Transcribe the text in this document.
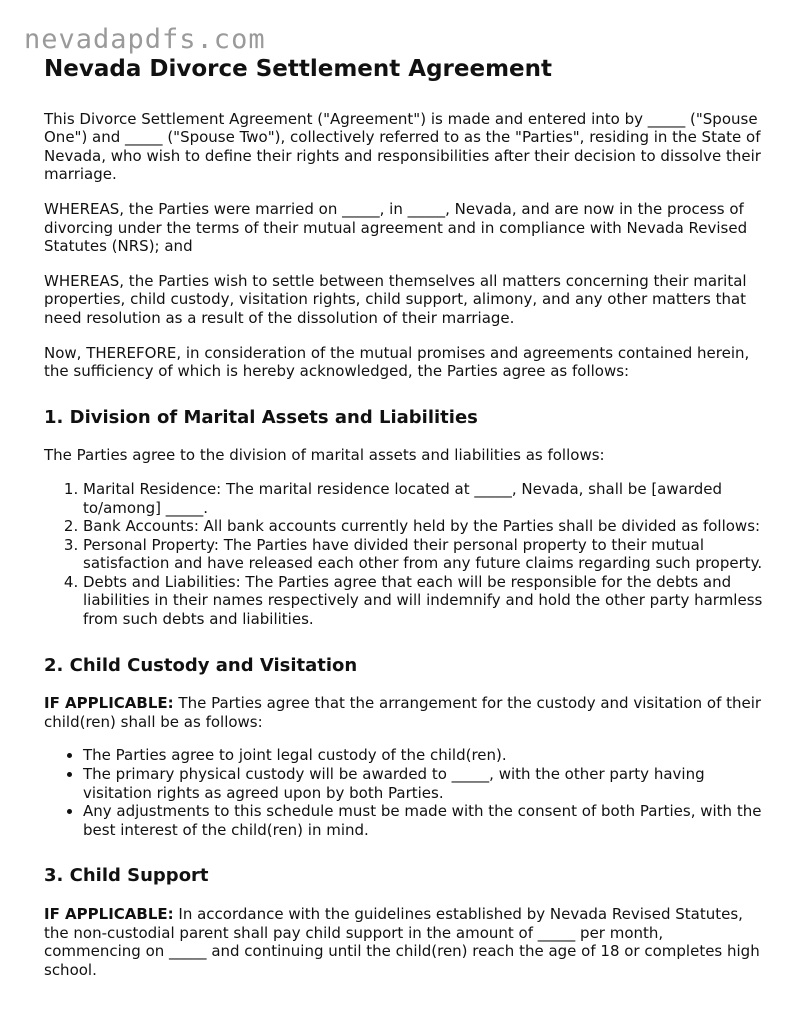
nevadapdfs.com
Nevada Divorce Settlement Agreement

This Divorce Settlement Agreement ("Agreement") is made and entered into by _____ ("Spouse One") and _____ ("Spouse Two"), collectively referred to as the "Parties", residing in the State of Nevada, who wish to define their rights and responsibilities after their decision to dissolve their marriage.

WHEREAS, the Parties were married on _____, in _____, Nevada, and are now in the process of divorcing under the terms of their mutual agreement and in compliance with Nevada Revised Statutes (NRS); and

WHEREAS, the Parties wish to settle between themselves all matters concerning their marital properties, child custody, visitation rights, child support, alimony, and any other matters that need resolution as a result of the dissolution of their marriage.

Now, THEREFORE, in consideration of the mutual promises and agreements contained herein, the sufficiency of which is hereby acknowledged, the Parties agree as follows:

1. Division of Marital Assets and Liabilities

The Parties agree to the division of marital assets and liabilities as follows:

1. Marital Residence: The marital residence located at _____, Nevada, shall be [awarded to/among] _____.
2. Bank Accounts: All bank accounts currently held by the Parties shall be divided as follows:
3. Personal Property: The Parties have divided their personal property to their mutual satisfaction and have released each other from any future claims regarding such property.
4. Debts and Liabilities: The Parties agree that each will be responsible for the debts and liabilities in their names respectively and will indemnify and hold the other party harmless from such debts and liabilities.
2. Child Custody and Visitation

IF APPLICABLE: The Parties agree that the arrangement for the custody and visitation of their child(ren) shall be as follows:

• The Parties agree to joint legal custody of the child(ren).
• The primary physical custody will be awarded to _____, with the other party having visitation rights as agreed upon by both Parties.
• Any adjustments to this schedule must be made with the consent of both Parties, with the best interest of the child(ren) in mind.
3. Child Support

IF APPLICABLE: In accordance with the guidelines established by Nevada Revised Statutes, the non-custodial parent shall pay child support in the amount of _____ per month, commencing on _____ and continuing until the child(ren) reach the age of 18 or completes high school.
